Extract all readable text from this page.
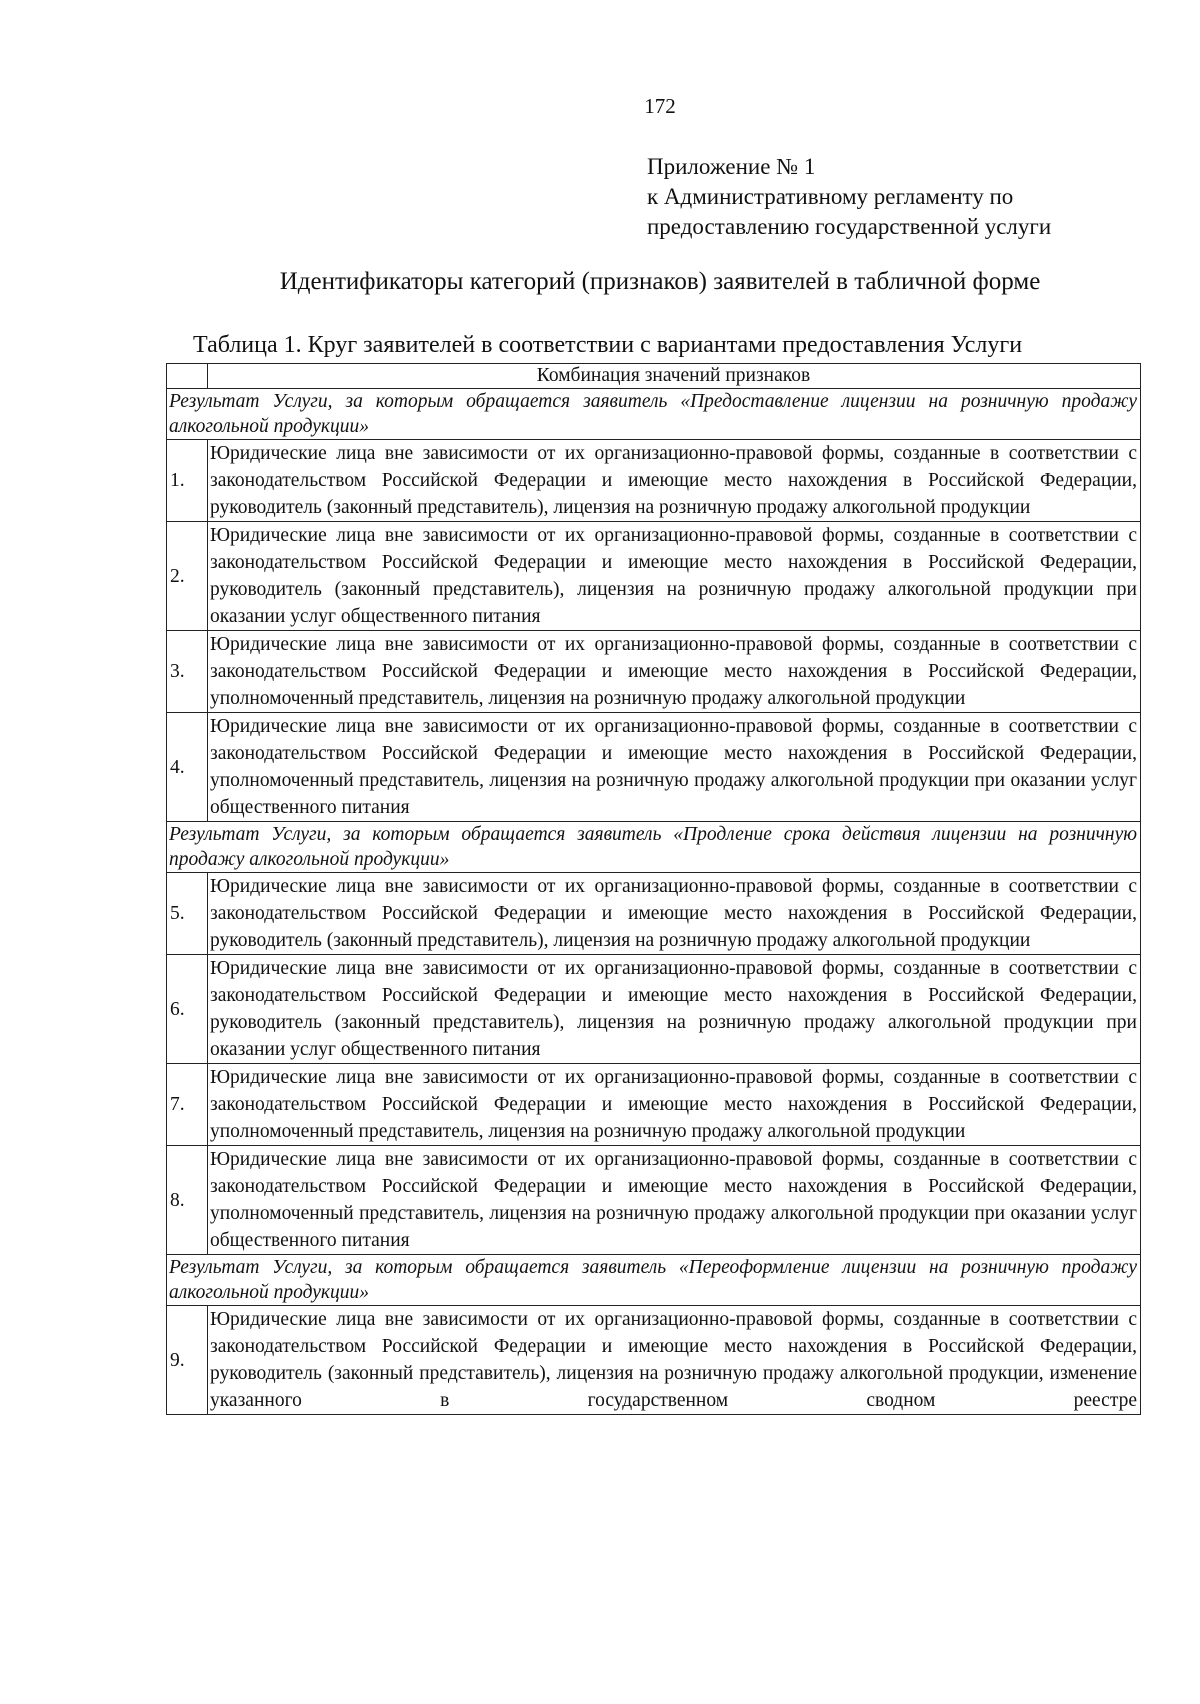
172
Приложение № 1
к Административному регламенту по
предоставлению государственной услуги
Идентификаторы категорий (признаков) заявителей в табличной форме
Таблица 1. Круг заявителей в соответствии с вариантами предоставления Услуги
	Комбинация значений признаков
Результат Услуги, за которым обращается заявитель «Предоставление лицензии на розничную продажу алкогольной продукции»	
1.	Юридические лица вне зависимости от их организационно-правовой формы, созданные в соответствии с законодательством Российской Федерации и имеющие место нахождения в Российской Федерации, руководитель (законный представитель), лицензия на розничную продажу алкогольной продукции
2.	Юридические лица вне зависимости от их организационно-правовой формы, созданные в соответствии с законодательством Российской Федерации и имеющие место нахождения в Российской Федерации, руководитель (законный представитель), лицензия на розничную продажу алкогольной продукции при оказании услуг общественного питания
3.	Юридические лица вне зависимости от их организационно-правовой формы, созданные в соответствии с законодательством Российской Федерации и имеющие место нахождения в Российской Федерации, уполномоченный представитель, лицензия на розничную продажу алкогольной продукции
4.	Юридические лица вне зависимости от их организационно-правовой формы, созданные в соответствии с законодательством Российской Федерации и имеющие место нахождения в Российской Федерации, уполномоченный представитель, лицензия на розничную продажу алкогольной продукции при оказании услуг общественного питания
Результат Услуги, за которым обращается заявитель «Продление срока действия лицензии на розничную продажу алкогольной продукции»	
5.	Юридические лица вне зависимости от их организационно-правовой формы, созданные в соответствии с законодательством Российской Федерации и имеющие место нахождения в Российской Федерации, руководитель (законный представитель), лицензия на розничную продажу алкогольной продукции
6.	Юридические лица вне зависимости от их организационно-правовой формы, созданные в соответствии с законодательством Российской Федерации и имеющие место нахождения в Российской Федерации, руководитель (законный представитель), лицензия на розничную продажу алкогольной продукции при оказании услуг общественного питания
7.	Юридические лица вне зависимости от их организационно-правовой формы, созданные в соответствии с законодательством Российской Федерации и имеющие место нахождения в Российской Федерации, уполномоченный представитель, лицензия на розничную продажу алкогольной продукции
8.	Юридические лица вне зависимости от их организационно-правовой формы, созданные в соответствии с законодательством Российской Федерации и имеющие место нахождения в Российской Федерации, уполномоченный представитель, лицензия на розничную продажу алкогольной продукции при оказании услуг общественного питания
Результат Услуги, за которым обращается заявитель «Переоформление лицензии на розничную продажу алкогольной продукции»	
9.	Юридические лица вне зависимости от их организационно-правовой формы, созданные в соответствии с законодательством Российской Федерации и имеющие место нахождения в Российской Федерации, руководитель (законный представитель), лицензия на розничную продажу алкогольной продукции, изменение указанного в государственном сводном реестре
